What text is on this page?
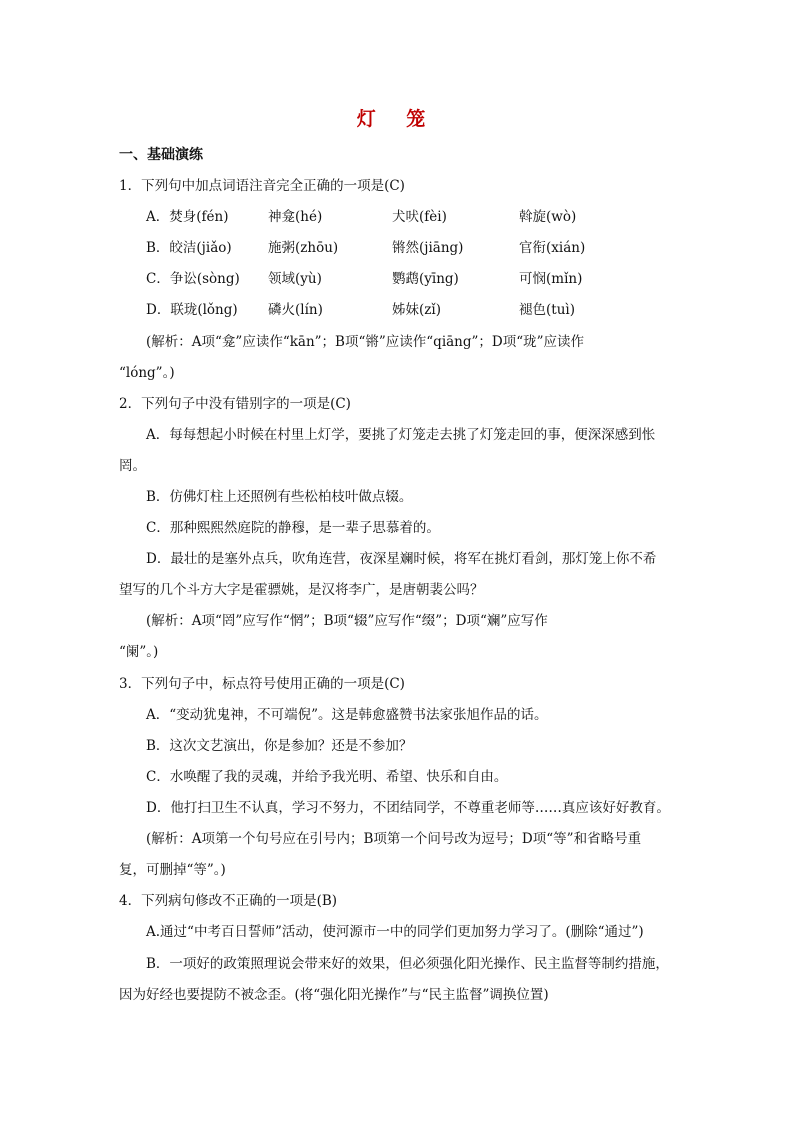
灯 笼
一、基础演练
1．下列句中加点词语注音完全正确的一项是(C)
A．焚身(fén)	神龛(hé)	犬吠(fèi)	斡旋(wò)
B．皎洁(jiǎo)	施粥(zhōu)	锵然(jiāng)	官衔(xián)
C．争讼(sòng) 领域(yù)	鹦鹉(yīng)	可悯(mǐn)
D．联珑(lǒng) 磷火(lín)	姊妹(zǐ)	褪色(tuì)
(解析：A项“龛”应读作“kān”；B项“锵”应读作“qiāng”；D项“珑”应读作
“lóng”。)
2．下列句子中没有错别字的一项是(C)
A．每每想起小时候在村里上灯学，要挑了灯笼走去挑了灯笼走回的事，便深深感到怅
罔。
B．仿佛灯柱上还照例有些松柏枝叶做点辍。
C．那种熙熙然庭院的静穆，是一辈子思慕着的。
D．最壮的是塞外点兵，吹角连营，夜深星斓时候，将军在挑灯看剑，那灯笼上你不希
望写的几个斗方大字是霍骠姚，是汉将李广，是唐朝裴公吗？
(解析：A项“罔”应写作“惘”；B项“辍”应写作“缀”；D项“斓”应写作
“阑”。)
3．下列句子中，标点符号使用正确的一项是(C)
A．“变动犹鬼神，不可端倪”。这是韩愈盛赞书法家张旭作品的话。
B．这次文艺演出，你是参加？还是不参加？
C．水唤醒了我的灵魂，并给予我光明、希望、快乐和自由。
D．他打扫卫生不认真，学习不努力，不团结同学，不尊重老师等……真应该好好教育。
(解析：A项第一个句号应在引号内；B项第一个问号改为逗号；D项“等”和省略号重
复，可删掉“等”。)
4．下列病句修改不正确的一项是(B)
A.通过“中考百日誓师”活动，使河源市一中的同学们更加努力学习了。(删除“通过”)
B．一项好的政策照理说会带来好的效果，但必须强化阳光操作、民主监督等制约措施，
因为好经也要提防不被念歪。(将“强化阳光操作”与“民主监督”调换位置)
